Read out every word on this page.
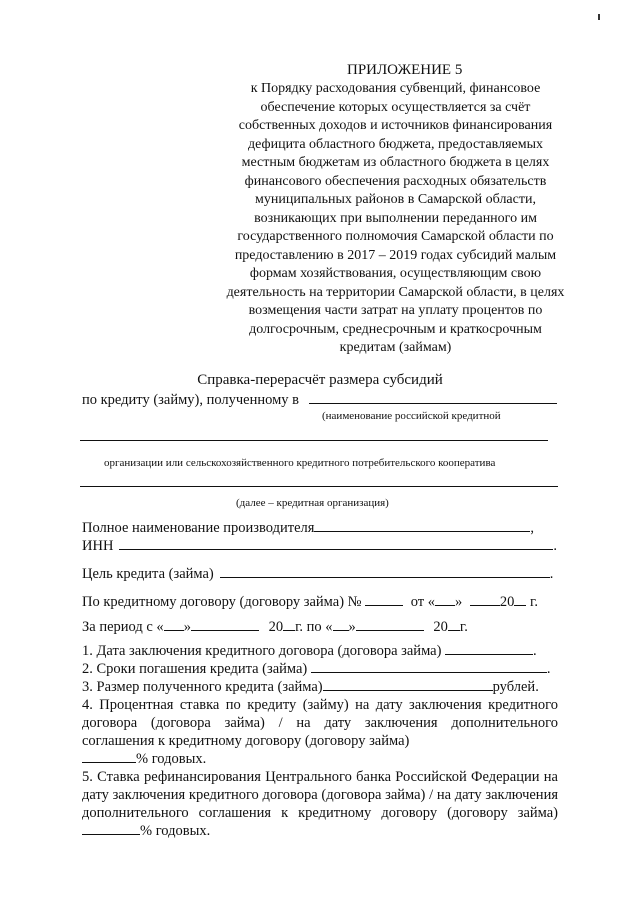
ПРИЛОЖЕНИЕ 5
к Порядку расходования субвенций, финансовое обеспечение которых осуществляется за счёт собственных доходов и источников финансирования дефицита областного бюджета, предоставляемых местным бюджетам из областного бюджета в целях финансового обеспечения расходных обязательств муниципальных районов в Самарской области, возникающих при выполнении переданного им государственного полномочия Самарской области по предоставлению в 2017 – 2019 годах субсидий малым формам хозяйствования, осуществляющим свою деятельность на территории Самарской области, в целях возмещения части затрат на уплату процентов по долгосрочным, среднесрочным и краткосрочным кредитам (займам)
Справка-перерасчёт размера субсидий
по кредиту (займу), полученному в
(наименование российской кредитной
организации или сельскохозяйственного кредитного потребительского кооператива
(далее – кредитная организация)
Полное наименование производителя	,
ИНН	.
Цель кредита (займа)	.
По кредитному договору (договору займа) №	от « »	20 г.
За период с « »	20 г. по « »	20 г.
1. Дата заключения кредитного договора (договора займа)	.
2. Сроки погашения кредита (займа)	.
3. Размер полученного кредита (займа)	рублей.
4. Процентная ставка по кредиту (займу) на дату заключения кредитного договора (договора займа) / на дату заключения дополнительного соглашения к кредитному договору (договору займа)
% годовых.
5. Ставка рефинансирования Центрального банка Российской Федерации на дату заключения кредитного договора (договора займа) / на дату заключения дополнительного соглашения к кредитному договору (договору займа) % годовых.
